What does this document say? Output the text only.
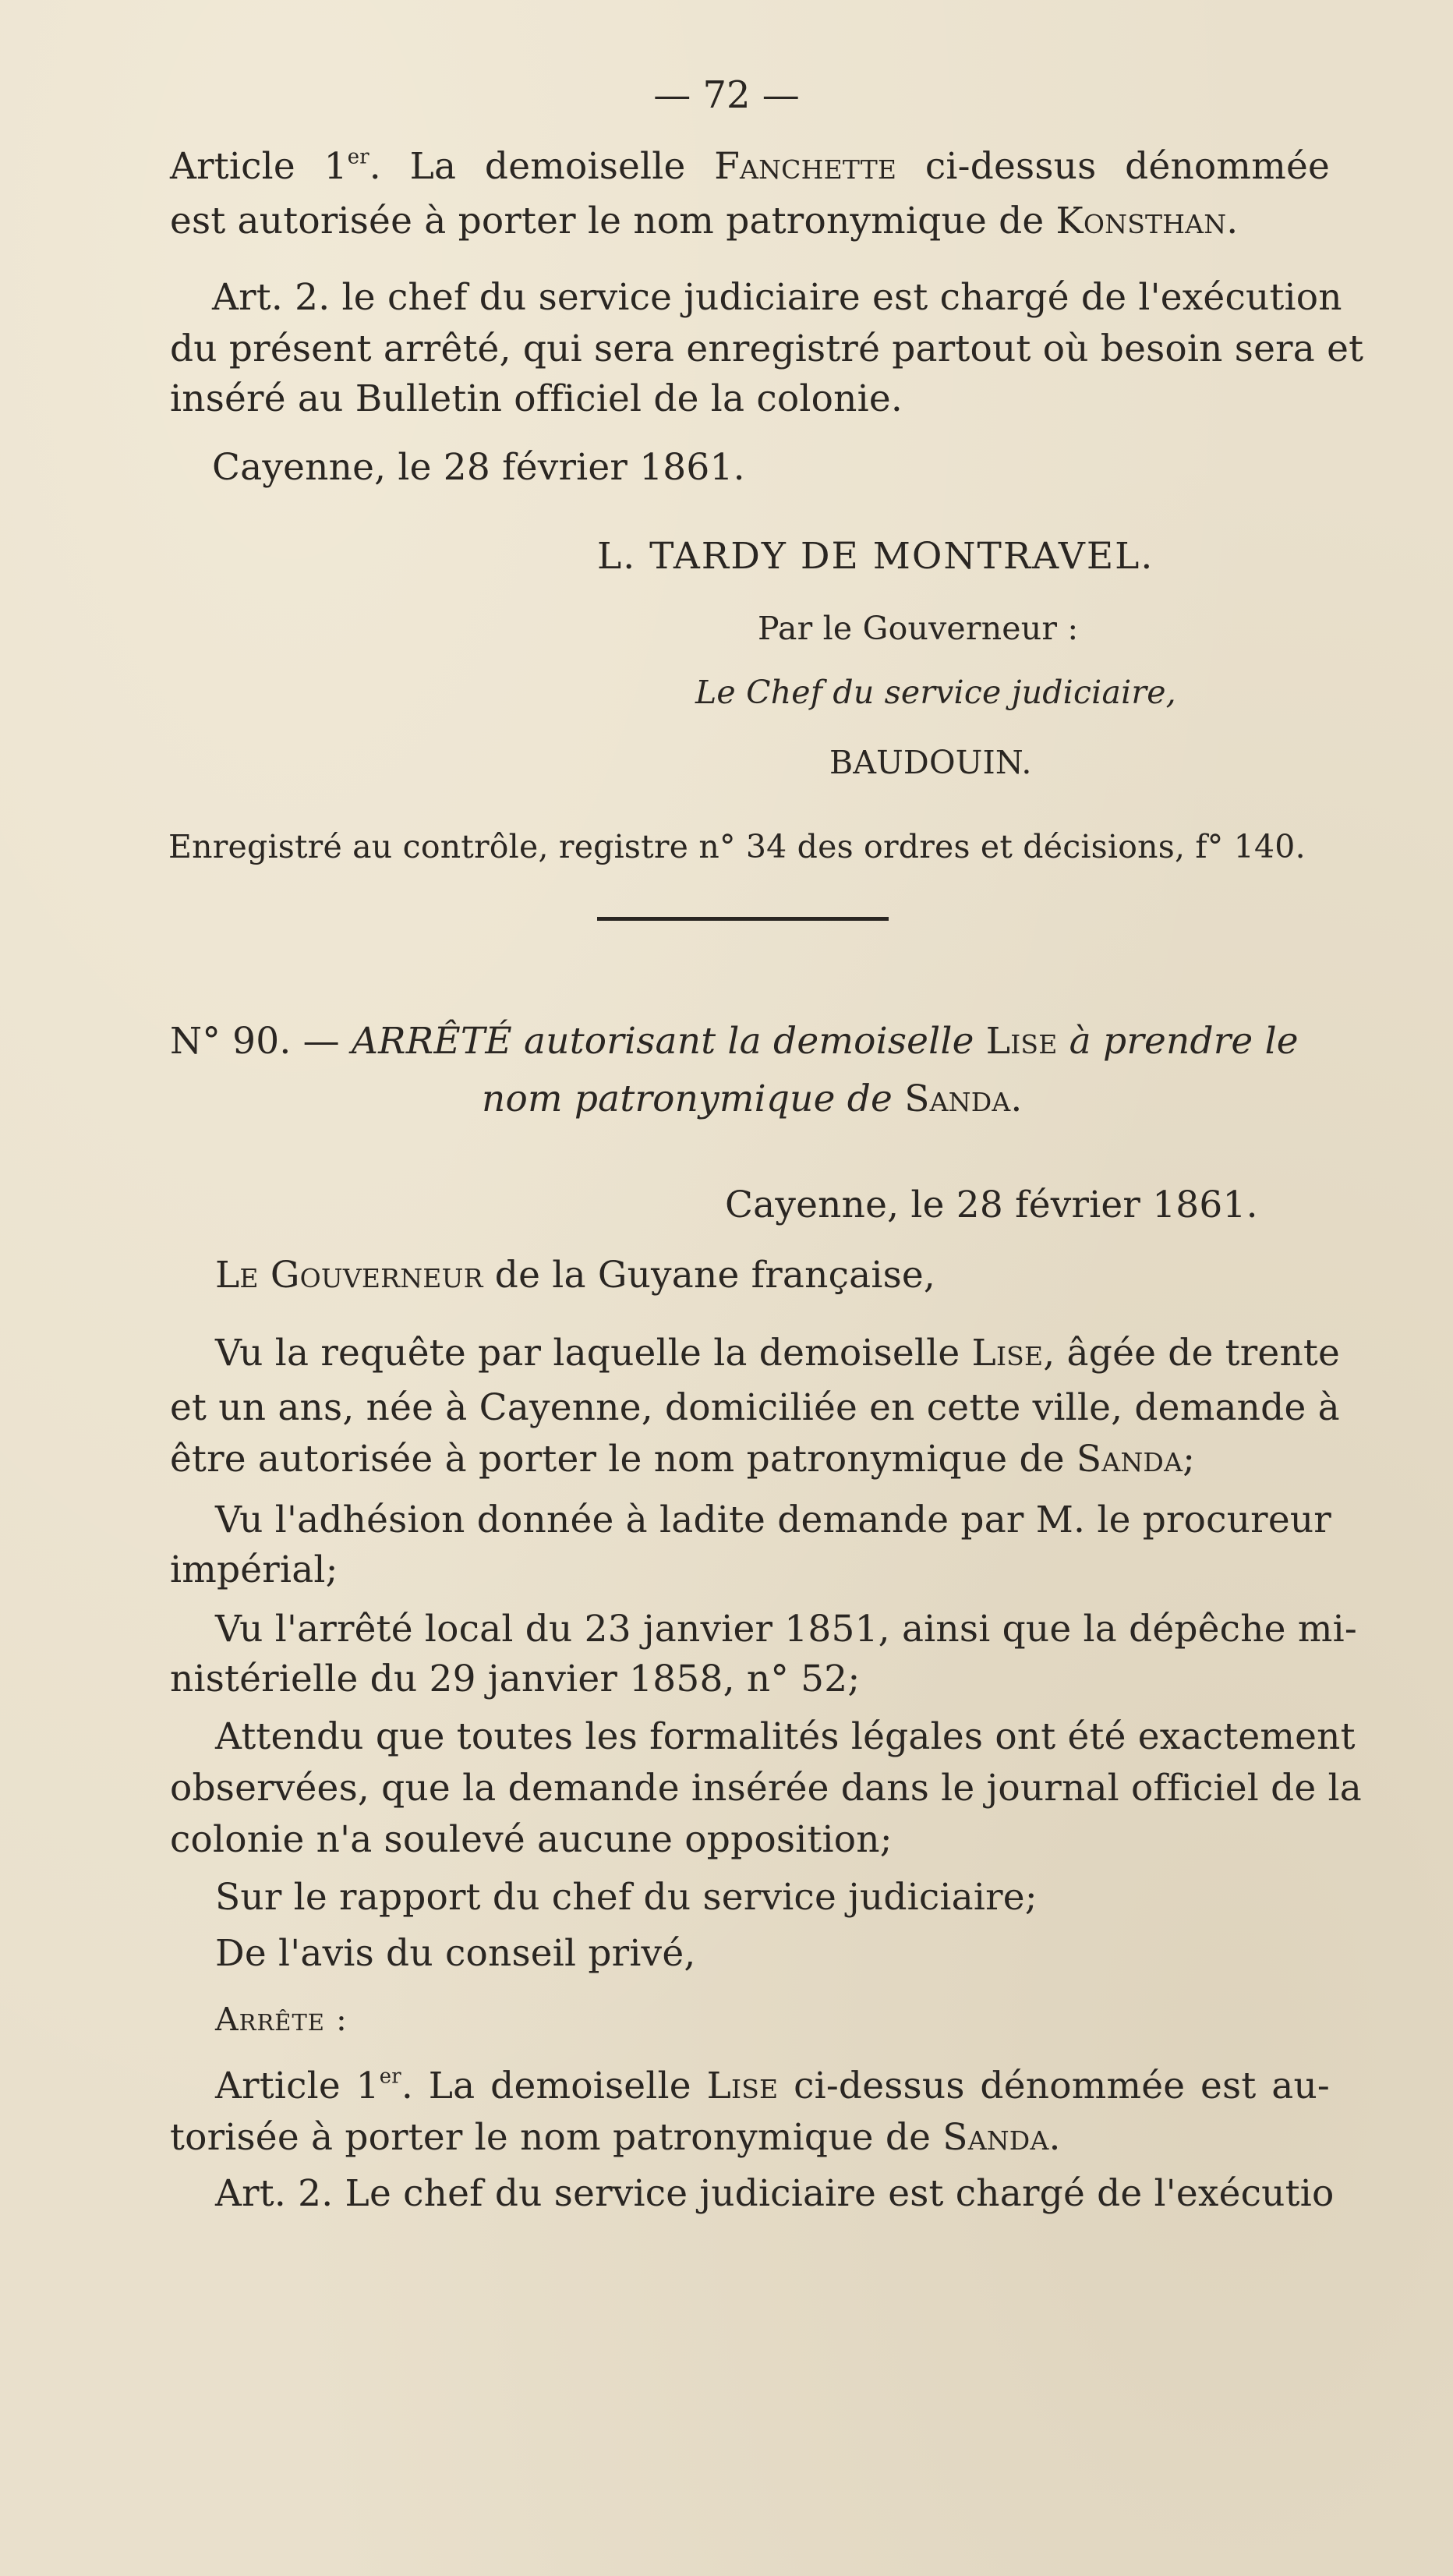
— 72 —
Article 1er. La demoiselle Fanchette ci-dessus dénommée
est autorisée à porter le nom patronymique de Konsthan.
Art. 2. le chef du service judiciaire est chargé de l'exécution
du présent arrêté, qui sera enregistré partout où besoin sera et
inséré au Bulletin officiel de la colonie.
Cayenne, le 28 février 1861.
L. TARDY DE MONTRAVEL.
Par le Gouverneur :
Le Chef du service judiciaire,
BAUDOUIN.
Enregistré au contrôle, registre n° 34 des ordres et décisions, f° 140.
N° 90. — ARRÊTÉ autorisant la demoiselle Lise à prendre le
nom patronymique de Sanda.
Cayenne, le 28 février 1861.
Le Gouverneur de la Guyane française,
Vu la requête par laquelle la demoiselle Lise, âgée de trente
et un ans, née à Cayenne, domiciliée en cette ville, demande à
être autorisée à porter le nom patronymique de Sanda;
Vu l'adhésion donnée à ladite demande par M. le procureur
impérial;
Vu l'arrêté local du 23 janvier 1851, ainsi que la dépêche mi-
nistérielle du 29 janvier 1858, n° 52;
Attendu que toutes les formalités légales ont été exactement
observées, que la demande insérée dans le journal officiel de la
colonie n'a soulevé aucune opposition;
Sur le rapport du chef du service judiciaire;
De l'avis du conseil privé,
Arrête :
Article 1er. La demoiselle Lise ci-dessus dénommée est au-
torisée à porter le nom patronymique de Sanda.
Art. 2. Le chef du service judiciaire est chargé de l'exécutio
